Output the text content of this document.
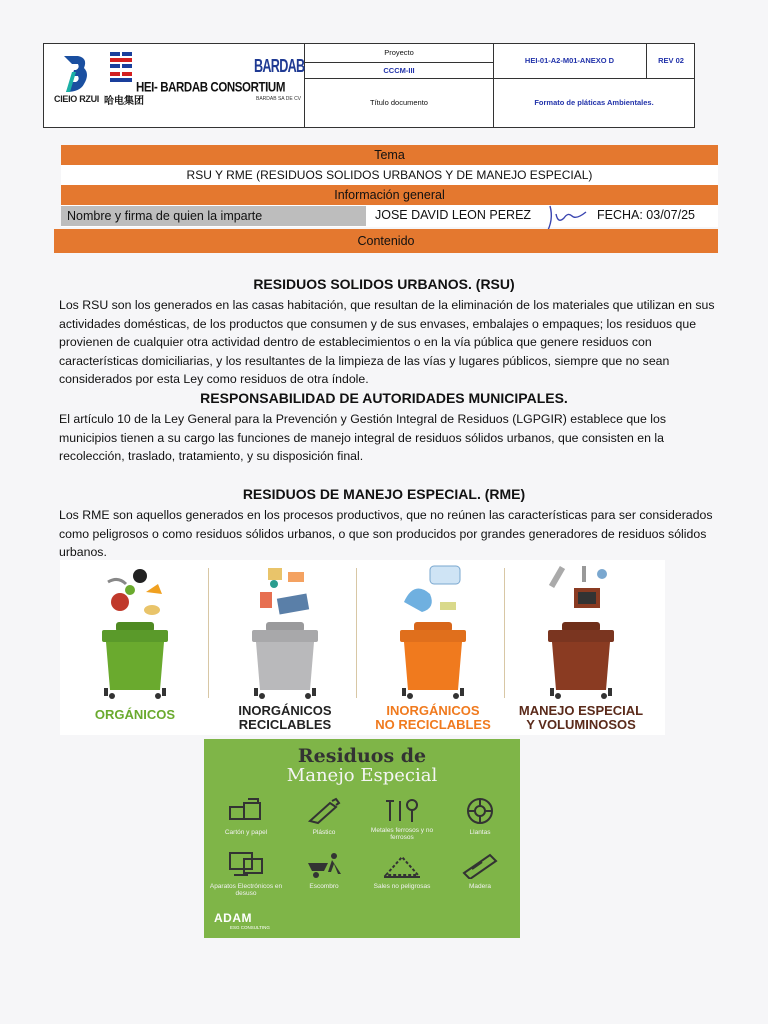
CIEIO RZUI 哈电集团
HEI- BARDAB CONSORTIUM
BARDAB
BARDAB SA DE CV
Proyecto
CCCM-III
HEI-01-A2-M01-ANEXO D	REV 02
Título documento	Formato de pláticas Ambientales.
Tema
RSU Y RME (RESIDUOS SOLIDOS URBANOS Y DE MANEJO ESPECIAL)
Información general
Nombre y firma de quien la imparte	JOSE DAVID LEON PEREZ	FECHA: 03/07/25
Contenido
RESIDUOS SOLIDOS URBANOS. (RSU)
Los RSU son los generados en las casas habitación, que resultan de la eliminación de los materiales que utilizan en sus actividades domésticas, de los productos que consumen y de sus envases, embalajes o empaques; los residuos que provienen de cualquier otra actividad dentro de establecimientos o en la vía pública que genere residuos con características domiciliarias, y los resultantes de la limpieza de las vías y lugares públicos, siempre que no sean considerados por esta Ley como residuos de otra índole.
RESPONSABILIDAD DE AUTORIDADES MUNICIPALES.
El artículo 10 de la Ley General para la Prevención y Gestión Integral de Residuos (LGPGIR) establece que los municipios tienen a su cargo las funciones de manejo integral de residuos sólidos urbanos, que consisten en la recolección, traslado, tratamiento, y su disposición final.
RESIDUOS DE MANEJO ESPECIAL. (RME)
Los RME son aquellos generados en los procesos productivos, que no reúnen las características para ser considerados como peligrosos o como residuos sólidos urbanos, o que son producidos por grandes generadores de residuos sólidos urbanos.
ORGÁNICOS	INORGÁNICOS
RECICLABLES
INORGÁNICOS
NO RECICLABLES
MANEJO ESPECIAL
Y VOLUMINOSOS
Residuos de
Manejo Especial
Cartón y papel	Plástico	Metales ferrosos y no ferrosos
Llantas
Aparatos Electrónicos en desuso
Escombro	Sales no peligrosas	Madera
ADAM
ESG CONSULTING
